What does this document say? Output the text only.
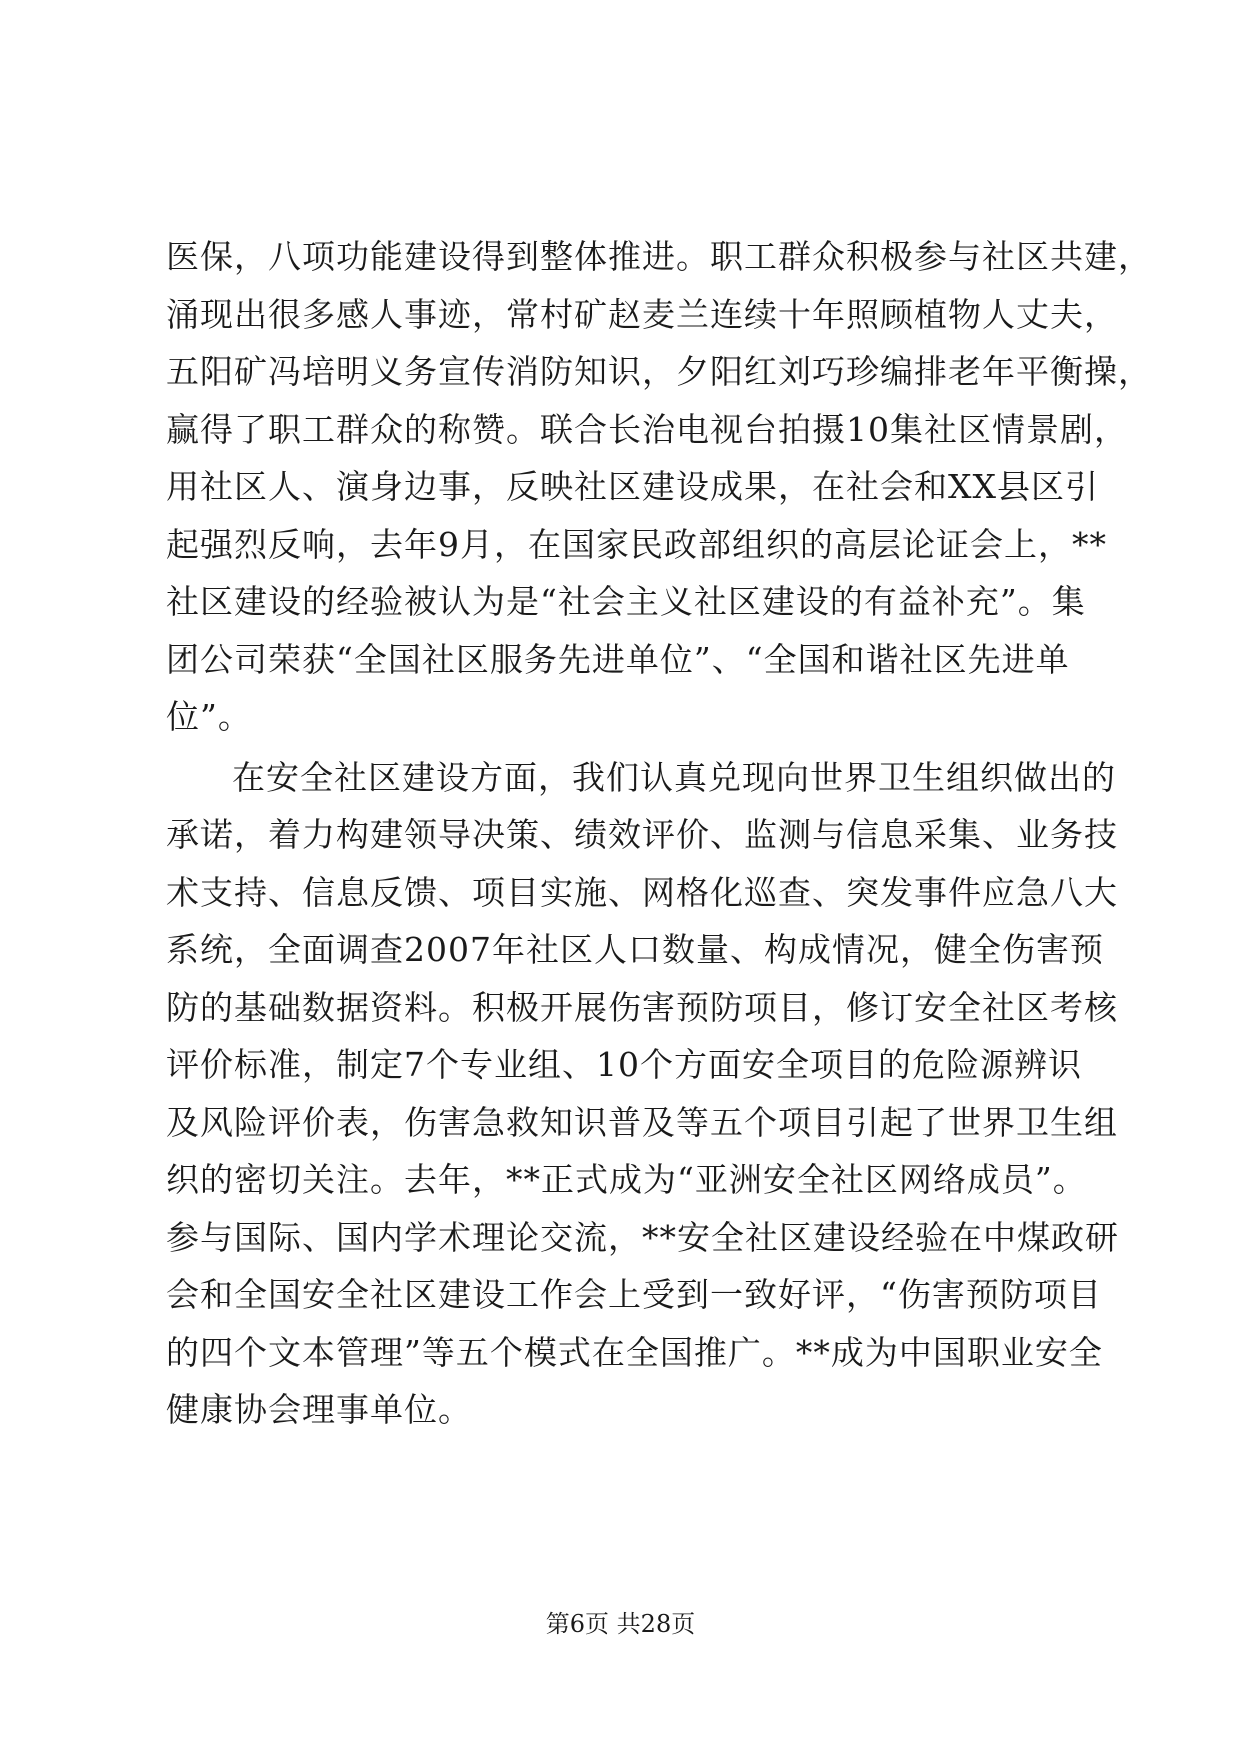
医保，八项功能建设得到整体推进。职工群众积极参与社区共建，
涌现出很多感人事迹，常村矿赵麦兰连续十年照顾植物人丈夫，
五阳矿冯培明义务宣传消防知识，夕阳红刘巧珍编排老年平衡操，
赢得了职工群众的称赞。联合长治电视台拍摄10集社区情景剧，
用社区人、演身边事，反映社区建设成果，在社会和XX县区引
起强烈反响，去年9月，在国家民政部组织的高层论证会上，**
社区建设的经验被认为是“社会主义社区建设的有益补充”。集
团公司荣获“全国社区服务先进单位”、“全国和谐社区先进单
位”。
在安全社区建设方面，我们认真兑现向世界卫生组织做出的
承诺，着力构建领导决策、绩效评价、监测与信息采集、业务技
术支持、信息反馈、项目实施、网格化巡查、突发事件应急八大
系统，全面调查2007年社区人口数量、构成情况，健全伤害预
防的基础数据资料。积极开展伤害预防项目，修订安全社区考核
评价标准，制定7个专业组、10个方面安全项目的危险源辨识
及风险评价表，伤害急救知识普及等五个项目引起了世界卫生组
织的密切关注。去年，**正式成为“亚洲安全社区网络成员”。
参与国际、国内学术理论交流，**安全社区建设经验在中煤政研
会和全国安全社区建设工作会上受到一致好评，“伤害预防项目
的四个文本管理”等五个模式在全国推广。**成为中国职业安全
健康协会理事单位。
第6页 共28页
